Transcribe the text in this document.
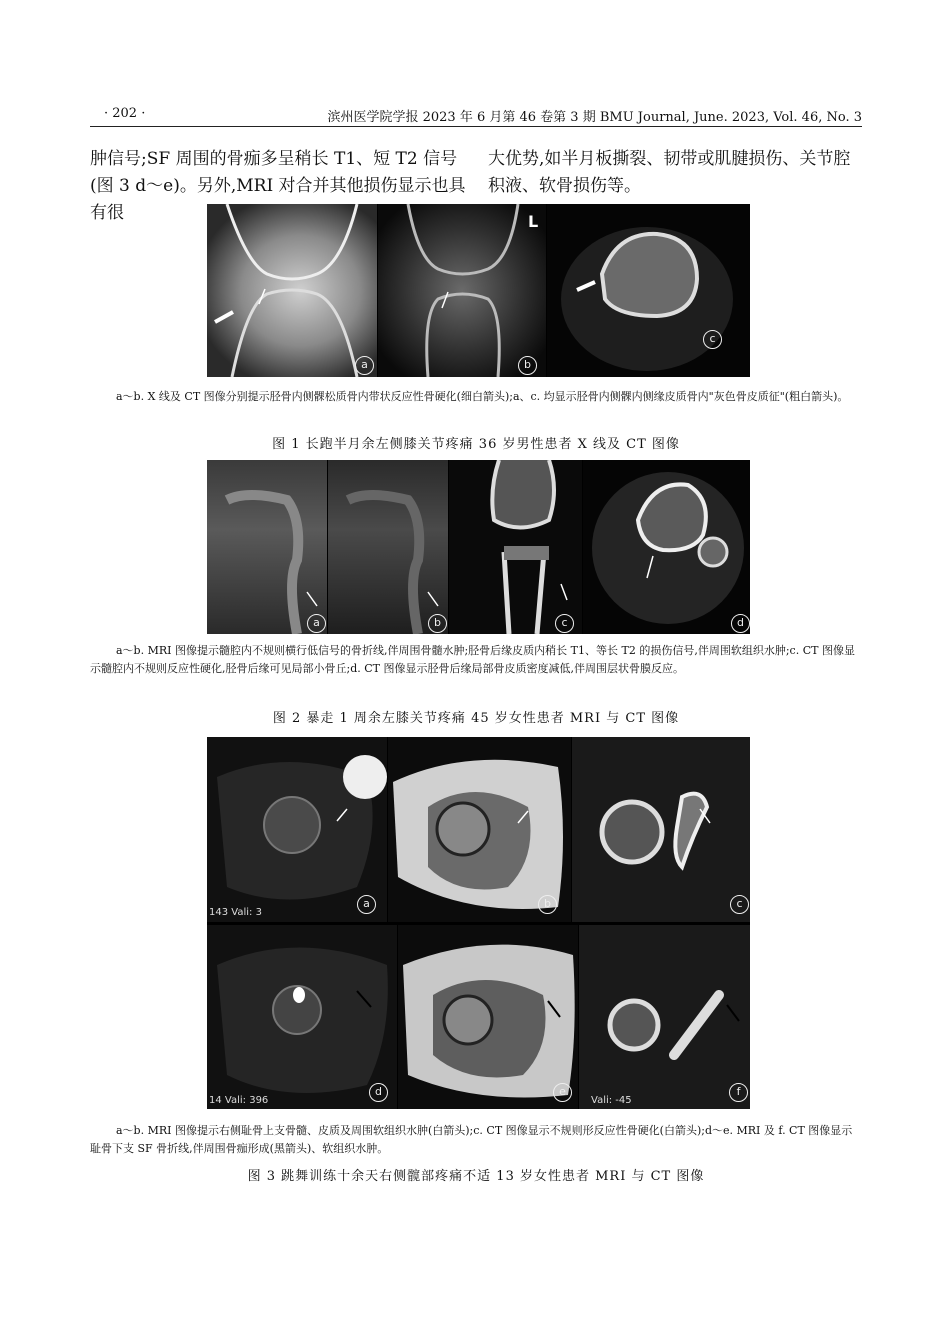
· 202 ·	滨州医学院学报 2023 年 6 月第 46 卷第 3 期 BMU Journal, June. 2023, Vol. 46, No. 3
肿信号;SF 周围的骨痂多呈稍长 T1、短 T2 信号(图 3 d～e)。另外,MRI 对合并其他损伤显示也具有很
大优势,如半月板撕裂、韧带或肌腱损伤、关节腔积液、软骨损伤等。
a
L
b
c
a～b. X 线及 CT 图像分别提示胫骨内侧髁松质骨内带状反应性骨硬化(细白箭头);a、c. 均显示胫骨内侧髁内侧缘皮质骨内"灰色骨皮质征"(粗白箭头)。
图 1 长跑半月余左侧膝关节疼痛 36 岁男性患者 X 线及 CT 图像
a	b	c	d
a～b. MRI 图像提示髓腔内不规则横行低信号的骨折线,伴周围骨髓水肿;胫骨后缘皮质内稍长 T1、等长 T2 的损伤信号,伴周围软组织水肿;c. CT 图像显示髓腔内不规则反应性硬化,胫骨后缘可见局部小骨丘;d. CT 图像显示胫骨后缘局部骨皮质密度减低,伴周围层状骨膜反应。
图 2 暴走 1 周余左膝关节疼痛 45 岁女性患者 MRI 与 CT 图像
a
143 Vali: 3
b	c
d
14 Vali: 396
e	f
Vali: -45
a～b. MRI 图像提示右侧耻骨上支骨髓、皮质及周围软组织水肿(白箭头);c. CT 图像显示不规则形反应性骨硬化(白箭头);d～e. MRI 及 f. CT 图像显示耻骨下支 SF 骨折线,伴周围骨痂形成(黑箭头)、软组织水肿。
图 3 跳舞训练十余天右侧髋部疼痛不适 13 岁女性患者 MRI 与 CT 图像
